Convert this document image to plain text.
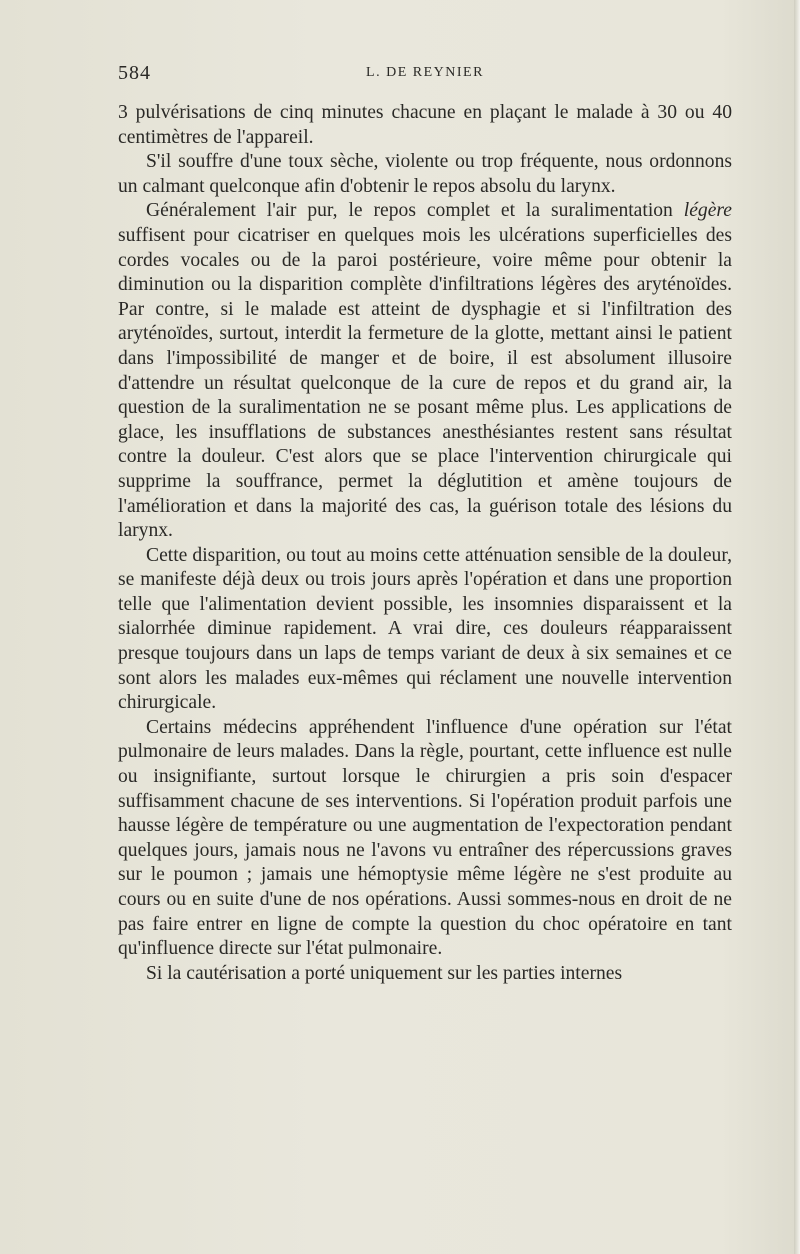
584	L. DE REYNIER

3 pulvérisations de cinq minutes chacune en plaçant le malade à 30 ou 40 centimètres de l'appareil.

S'il souffre d'une toux sèche, violente ou trop fréquente, nous ordonnons un calmant quelconque afin d'obtenir le repos absolu du larynx.

Généralement l'air pur, le repos complet et la suralimentation légère suffisent pour cicatriser en quelques mois les ulcérations superficielles des cordes vocales ou de la paroi postérieure, voire même pour obtenir la diminution ou la disparition complète d'infiltrations légères des aryténoïdes. Par contre, si le malade est atteint de dysphagie et si l'infiltration des aryténoïdes, surtout, interdit la fermeture de la glotte, mettant ainsi le patient dans l'impossibilité de manger et de boire, il est absolument illusoire d'attendre un résultat quelconque de la cure de repos et du grand air, la question de la suralimentation ne se posant même plus. Les applications de glace, les insufflations de substances anesthésiantes restent sans résultat contre la douleur. C'est alors que se place l'intervention chirurgicale qui supprime la souffrance, permet la déglutition et amène toujours de l'amélioration et dans la majorité des cas, la guérison totale des lésions du larynx.

Cette disparition, ou tout au moins cette atténuation sensible de la douleur, se manifeste déjà deux ou trois jours après l'opération et dans une proportion telle que l'alimentation devient possible, les insomnies disparaissent et la sialorrhée diminue rapidement. A vrai dire, ces douleurs réapparaissent presque toujours dans un laps de temps variant de deux à six semaines et ce sont alors les malades eux-mêmes qui réclament une nouvelle intervention chirurgicale.

Certains médecins appréhendent l'influence d'une opération sur l'état pulmonaire de leurs malades. Dans la règle, pourtant, cette influence est nulle ou insignifiante, surtout lorsque le chirurgien a pris soin d'espacer suffisamment chacune de ses interventions. Si l'opération produit parfois une hausse légère de température ou une augmentation de l'expectoration pendant quelques jours, jamais nous ne l'avons vu entraîner des répercussions graves sur le poumon ; jamais une hémoptysie même légère ne s'est produite au cours ou en suite d'une de nos opérations. Aussi sommes-nous en droit de ne pas faire entrer en ligne de compte la question du choc opératoire en tant qu'influence directe sur l'état pulmonaire.

Si la cautérisation a porté uniquement sur les parties internes
